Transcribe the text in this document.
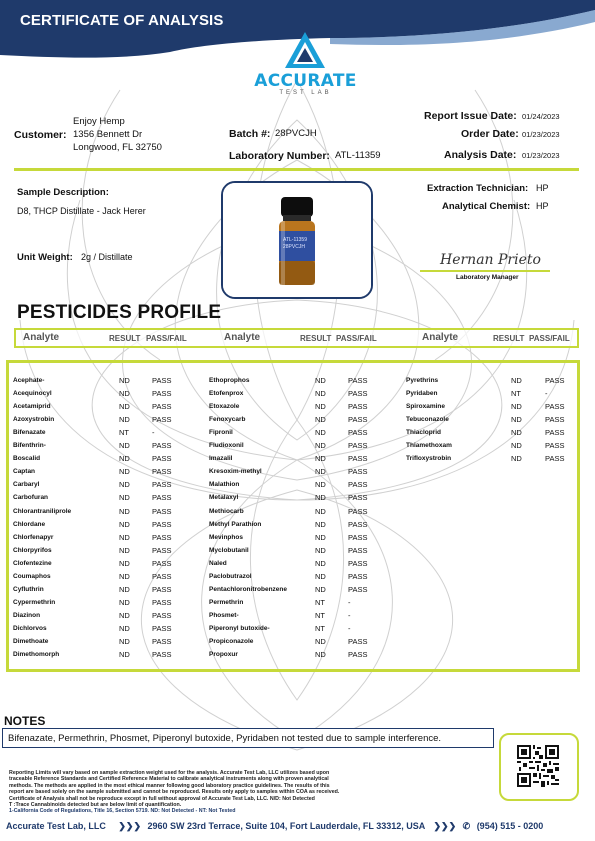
CERTIFICATE OF ANALYSIS
ACCURATE
TEST LAB
Customer:
Enjoy Hemp
1356 Bennett Dr
Longwood, FL 32750
Batch #: 28PVCJH
Laboratory Number: ATL-11359
Report Issue Date: 01/24/2023
Order Date: 01/23/2023
Analysis Date: 01/23/2023
Sample Description:
D8, THCP Distillate - Jack Herer
Unit Weight: 2g / Distillate
ATL-11359
28PVCJH
Extraction Technician: HP
Analytical Chemist: HP
Hernan Prieto
Laboratory Manager
PESTICIDES PROFILE
Analyte	RESULT PASS/FAIL	Analyte	RESULT PASS/FAIL	Analyte	RESULT PASS/FAIL
Acephate-	ND	PASS
Acequinocyl	ND	PASS
Acetamiprid	ND	PASS
Azoxystrobin	ND	PASS
Bifenazate	NT	-
Bifenthrin-	ND	PASS
Boscalid	ND	PASS
Captan	ND	PASS
Carbaryl	ND	PASS
Carbofuran	ND	PASS
Chlorantraniliprole	ND	PASS
Chlordane	ND	PASS
Chlorfenapyr	ND	PASS
Chlorpyrifos	ND	PASS
Clofentezine	ND	PASS
Coumaphos	ND	PASS
Cyfluthrin	ND	PASS
Cypermethrin	ND	PASS
Diazinon	ND	PASS
Dichlorvos	ND	PASS
Dimethoate	ND	PASS
Dimethomorph	ND	PASS
Ethoprophos	ND	PASS
Etofenprox	ND	PASS
Etoxazole	ND	PASS
Fenoxycarb	ND	PASS
Fipronil	ND	PASS
Fludioxonil	ND	PASS
Imazalil	ND	PASS
Kresoxim-methyl	ND	PASS
Malathion	ND	PASS
Metalaxyl	ND	PASS
Methiocarb	ND	PASS
Methyl Parathion	ND	PASS
Mevinphos	ND	PASS
Myclobutanil	ND	PASS
Naled	ND	PASS
Paclobutrazol	ND	PASS
Pentachloronitrobenzene	ND	PASS
Permethrin	NT	-
Phosmet-	NT	-
Piperonyl butoxide-	NT	-
Propiconazole	ND	PASS
Propoxur	ND	PASS
Pyrethrins	ND	PASS
Pyridaben	NT	-
Spiroxamine	ND	PASS
Tebuconazole	ND	PASS
Thiacloprid	ND	PASS
Thiamethoxam	ND	PASS
Trifloxystrobin	ND	PASS
NOTES
Bifenazate, Permethrin, Phosmet, Piperonyl butoxide, Pyridaben not tested due to sample interference.
Reporting Limits will vary based on sample extraction weight used for the analysis. Accurate Test Lab, LLC utilizes based upon
traceable Reference Standards and Certified Reference Material to calibrate analytical instruments along with proven analytical
methods. The methods are applied in the most ethical manner following good laboratory practice guidelines. The results of this
report are based solely on the sample submitted and cannot be reproduced. Results only apply to samples within COA as received.
Certificate of Analysis shall not be reproduce except in full without approval of Accurate Test Lab, LLC. N/D: Not Detected
T :Trace Cannabinoids detected but are below limit of quantification.
1-California Code of Regulations, Title 16, Section 5719. ND: Not Detected - NT: Not Tested
Accurate Test Lab, LLC ❯❯❯ 2960 SW 23rd Terrace, Suite 104, Fort Lauderdale, FL 33312, USA ❯❯❯ ✆ (954) 515 - 0200
